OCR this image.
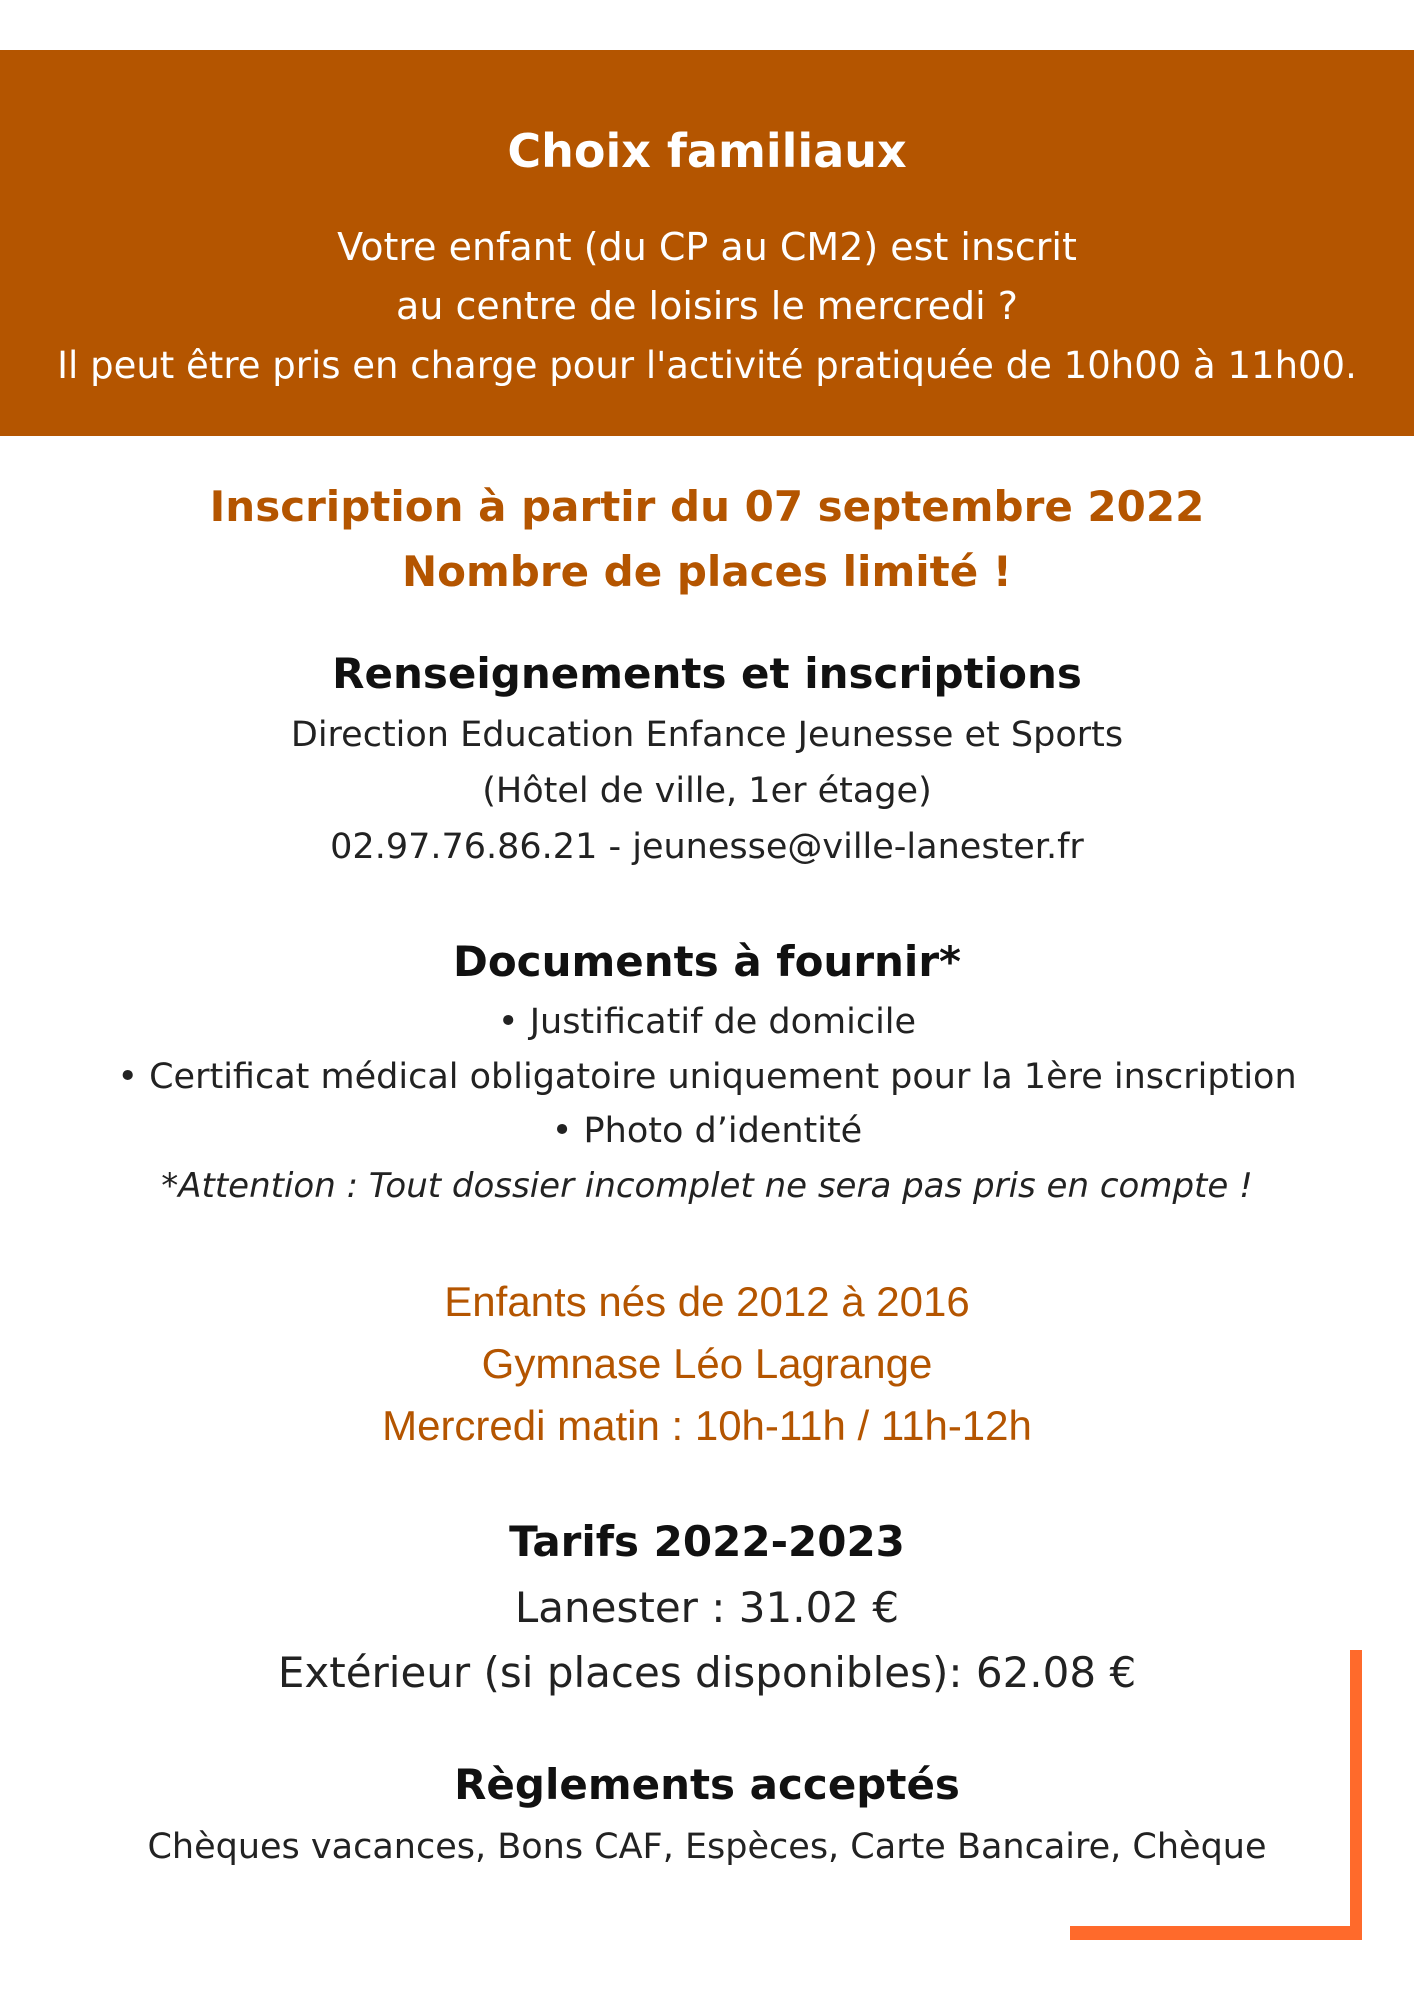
Choix familiaux
Votre enfant (du CP au CM2) est inscrit
au centre de loisirs le mercredi ?
Il peut être pris en charge pour l'activité pratiquée de 10h00 à 11h00.
Inscription à partir du 07 septembre 2022
Nombre de places limité !
Renseignements et inscriptions
Direction Education Enfance Jeunesse et Sports
(Hôtel de ville, 1er étage)
02.97.76.86.21 - jeunesse@ville-lanester.fr
Documents à fournir*
• Justificatif de domicile
• Certificat médical obligatoire uniquement pour la 1ère inscription
• Photo d’identité
*Attention : Tout dossier incomplet ne sera pas pris en compte !
Enfants nés de 2012 à 2016
Gymnase Léo Lagrange
Mercredi matin : 10h-11h / 11h-12h
Tarifs 2022-2023
Lanester : 31.02 €
Extérieur (si places disponibles): 62.08 €
Règlements acceptés
Chèques vacances, Bons CAF, Espèces, Carte Bancaire, Chèque
